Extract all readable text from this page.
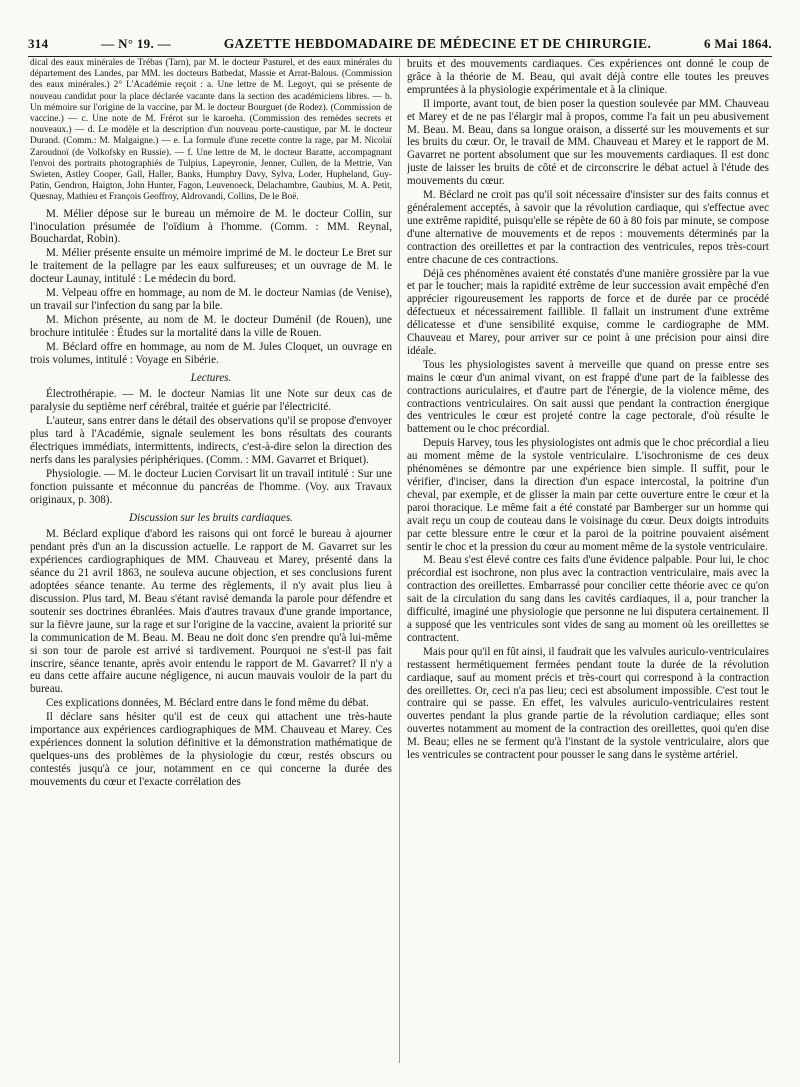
314	— N° 19. —	GAZETTE HEBDOMADAIRE DE MÉDECINE ET DE CHIRURGIE.	6 Mai 1864.

dical des eaux minérales de Trébas (Tarn), par M. le docteur Pasturel, et des eaux minérales du département des Landes, par MM. les docteurs Batbedat, Massie et Arrat-Balous. (Commission des eaux minérales.) 2° L'Académie reçoit : a. Une lettre de M. Legoyt, qui se présente de nouveau candidat pour la place déclarée vacante dans la section des académiciens libres. — b. Un mémoire sur l'origine de la vaccine, par M. le docteur Bourguet (de Rodez). (Commission de vaccine.) — c. Une note de M. Frérot sur le karoeha. (Commission des remèdes secrets et nouveaux.) — d. Le modèle et la description d'un nouveau porte-caustique, par M. le docteur Durand. (Comm.: M. Malgaigne.) — e. La formule d'une recette contre la rage, par M. Nicolaï Zaroudnoï (de Volkofsky en Russie). — f. Une lettre de M. le docteur Baratte, accompagnant l'envoi des portraits photographiés de Tulpius, Lapeyronie, Jenner, Cullen, de la Mettrie, Van Swieten, Astley Cooper, Gall, Haller, Banks, Humphry Davy, Sylva, Loder, Hupheland, Guy-Patin, Gendron, Haigton, John Hunter, Fagon, Leuvenoeck, Delachambre, Gaubius, M. A. Petit, Quesnay, Mathieu et François Geoffroy, Aldrovandi, Collins, De le Boë.

M. Mélier dépose sur le bureau un mémoire de M. le docteur Collin, sur l'inoculation présumée de l'oïdium à l'homme. (Comm. : MM. Reynal, Bouchardat, Robin).

M. Mélier présente ensuite un mémoire imprimé de M. le docteur Le Bret sur le traitement de la pellagre par les eaux sulfureuses; et un ouvrage de M. le docteur Launay, intitulé : Le médecin du bord.

M. Velpeau offre en hommage, au nom de M. le docteur Namias (de Venise), un travail sur l'infection du sang par la bile.

M. Michon présente, au nom de M. le docteur Duménil (de Rouen), une brochure intitulée : Études sur la mortalité dans la ville de Rouen.

M. Béclard offre en hommage, au nom de M. Jules Cloquet, un ouvrage en trois volumes, intitulé : Voyage en Sibérie.

Lectures.

Électrothérapie. — M. le docteur Namias lit une Note sur deux cas de paralysie du septième nerf cérébral, traitée et guérie par l'électricité.

L'auteur, sans entrer dans le détail des observations qu'il se propose d'envoyer plus tard à l'Académie, signale seulement les bons résultats des courants électriques immédiats, intermittents, indirects, c'est-à-dire selon la direction des nerfs dans les paralysies périphériques. (Comm. : MM. Gavarret et Briquet).

Physiologie. — M. le docteur Lucien Corvisart lit un travail intitulé : Sur une fonction puissante et méconnue du pancréas de l'homme. (Voy. aux Travaux originaux, p. 308).

Discussion sur les bruits cardiaques.

M. Béclard explique d'abord les raisons qui ont forcé le bureau à ajourner pendant près d'un an la discussion actuelle. Le rapport de M. Gavarret sur les expériences cardiographiques de MM. Chauveau et Marey, présenté dans la séance du 21 avril 1863, ne souleva aucune objection, et ses conclusions furent adoptées séance tenante. Au terme des règlements, il n'y avait plus lieu à discussion. Plus tard, M. Beau s'étant ravisé demanda la parole pour défendre et soutenir ses doctrines ébranlées. Mais d'autres travaux d'une grande importance, sur la fièvre jaune, sur la rage et sur l'origine de la vaccine, avaient la priorité sur la communication de M. Beau. M. Beau ne doit donc s'en prendre qu'à lui-même si son tour de parole est arrivé si tardivement. Pourquoi ne s'est-il pas fait inscrire, séance tenante, après avoir entendu le rapport de M. Gavarret? Il n'y a eu dans cette affaire aucune négligence, ni aucun mauvais vouloir de la part du bureau.

Ces explications données, M. Béclard entre dans le fond même du débat.

Il déclare sans hésiter qu'il est de ceux qui attachent une très-haute importance aux expériences cardiographiques de MM. Chauveau et Marey. Ces expériences donnent la solution définitive et la démonstration mathématique de quelques-uns des problèmes de la physiologie du cœur, restés obscurs ou contestés jusqu'à ce jour, notamment en ce qui concerne la durée des mouvements du cœur et l'exacte corrélation des

bruits et des mouvements cardiaques. Ces expériences ont donné le coup de grâce à la théorie de M. Beau, qui avait déjà contre elle toutes les preuves empruntées à la physiologie expérimentale et à la clinique.

Il importe, avant tout, de bien poser la question soulevée par MM. Chauveau et Marey et de ne pas l'élargir mal à propos, comme l'a fait un peu abusivement M. Beau. M. Beau, dans sa longue oraison, a disserté sur les mouvements et sur les bruits du cœur. Or, le travail de MM. Chauveau et Marey et le rapport de M. Gavarret ne portent absolument que sur les mouvements cardiaques. Il est donc juste de laisser les bruits de côté et de circonscrire le débat actuel à l'étude des mouvements du cœur.

M. Béclard ne croit pas qu'il soit nécessaire d'insister sur des faits connus et généralement acceptés, à savoir que la révolution cardiaque, qui s'effectue avec une extrême rapidité, puisqu'elle se répète de 60 à 80 fois par minute, se compose d'une alternative de mouvements et de repos : mouvements déterminés par la contraction des oreillettes et par la contraction des ventricules, repos très-court entre chacune de ces contractions.

Déjà ces phénomènes avaient été constatés d'une manière grossière par la vue et par le toucher; mais la rapidité extrême de leur succession avait empêché d'en apprécier rigoureusement les rapports de force et de durée par ce procédé défectueux et nécessairement faillible. Il fallait un instrument d'une extrême délicatesse et d'une sensibilité exquise, comme le cardiographe de MM. Chauveau et Marey, pour arriver sur ce point à une précision pour ainsi dire idéale.

Tous les physiologistes savent à merveille que quand on presse entre ses mains le cœur d'un animal vivant, on est frappé d'une part de la faiblesse des contractions auriculaires, et d'autre part de l'énergie, de la violence même, des contractions ventriculaires. On sait aussi que pendant la contraction énergique des ventricules le cœur est projeté contre la cage pectorale, d'où résulte le battement ou le choc précordial.

Depuis Harvey, tous les physiologistes ont admis que le choc précordial a lieu au moment même de la systole ventriculaire. L'isochronisme de ces deux phénomènes se démontre par une expérience bien simple. Il suffit, pour le vérifier, d'inciser, dans la direction d'un espace intercostal, la poitrine d'un cheval, par exemple, et de glisser la main par cette ouverture entre le cœur et la paroi thoracique. Le même fait a été constaté par Bamberger sur un homme qui avait reçu un coup de couteau dans le voisinage du cœur. Deux doigts introduits par cette blessure entre le cœur et la paroi de la poitrine pouvaient aisément sentir le choc et la pression du cœur au moment même de la systole ventriculaire.

M. Beau s'est élevé contre ces faits d'une évidence palpable. Pour lui, le choc précordial est isochrone, non plus avec la contraction ventriculaire, mais avec la contraction des oreillettes. Embarrassé pour concilier cette théorie avec ce qu'on sait de la circulation du sang dans les cavités cardiaques, il a, pour trancher la difficulté, imaginé une physiologie que personne ne lui disputera certainement. Il a supposé que les ventricules sont vides de sang au moment où les oreillettes se contractent.

Mais pour qu'il en fût ainsi, il faudrait que les valvules auriculo-ventriculaires restassent hermétiquement fermées pendant toute la durée de la révolution cardiaque, sauf au moment précis et très-court qui correspond à la contraction des oreillettes. Or, ceci n'a pas lieu; ceci est absolument impossible. C'est tout le contraire qui se passe. En effet, les valvules auriculo-ventriculaires restent ouvertes pendant la plus grande partie de la révolution cardiaque; elles sont ouvertes notamment au moment de la contraction des oreillettes, quoi qu'en dise M. Beau; elles ne se ferment qu'à l'instant de la systole ventriculaire, alors que les ventricules se contractent pour pousser le sang dans le système artériel.
